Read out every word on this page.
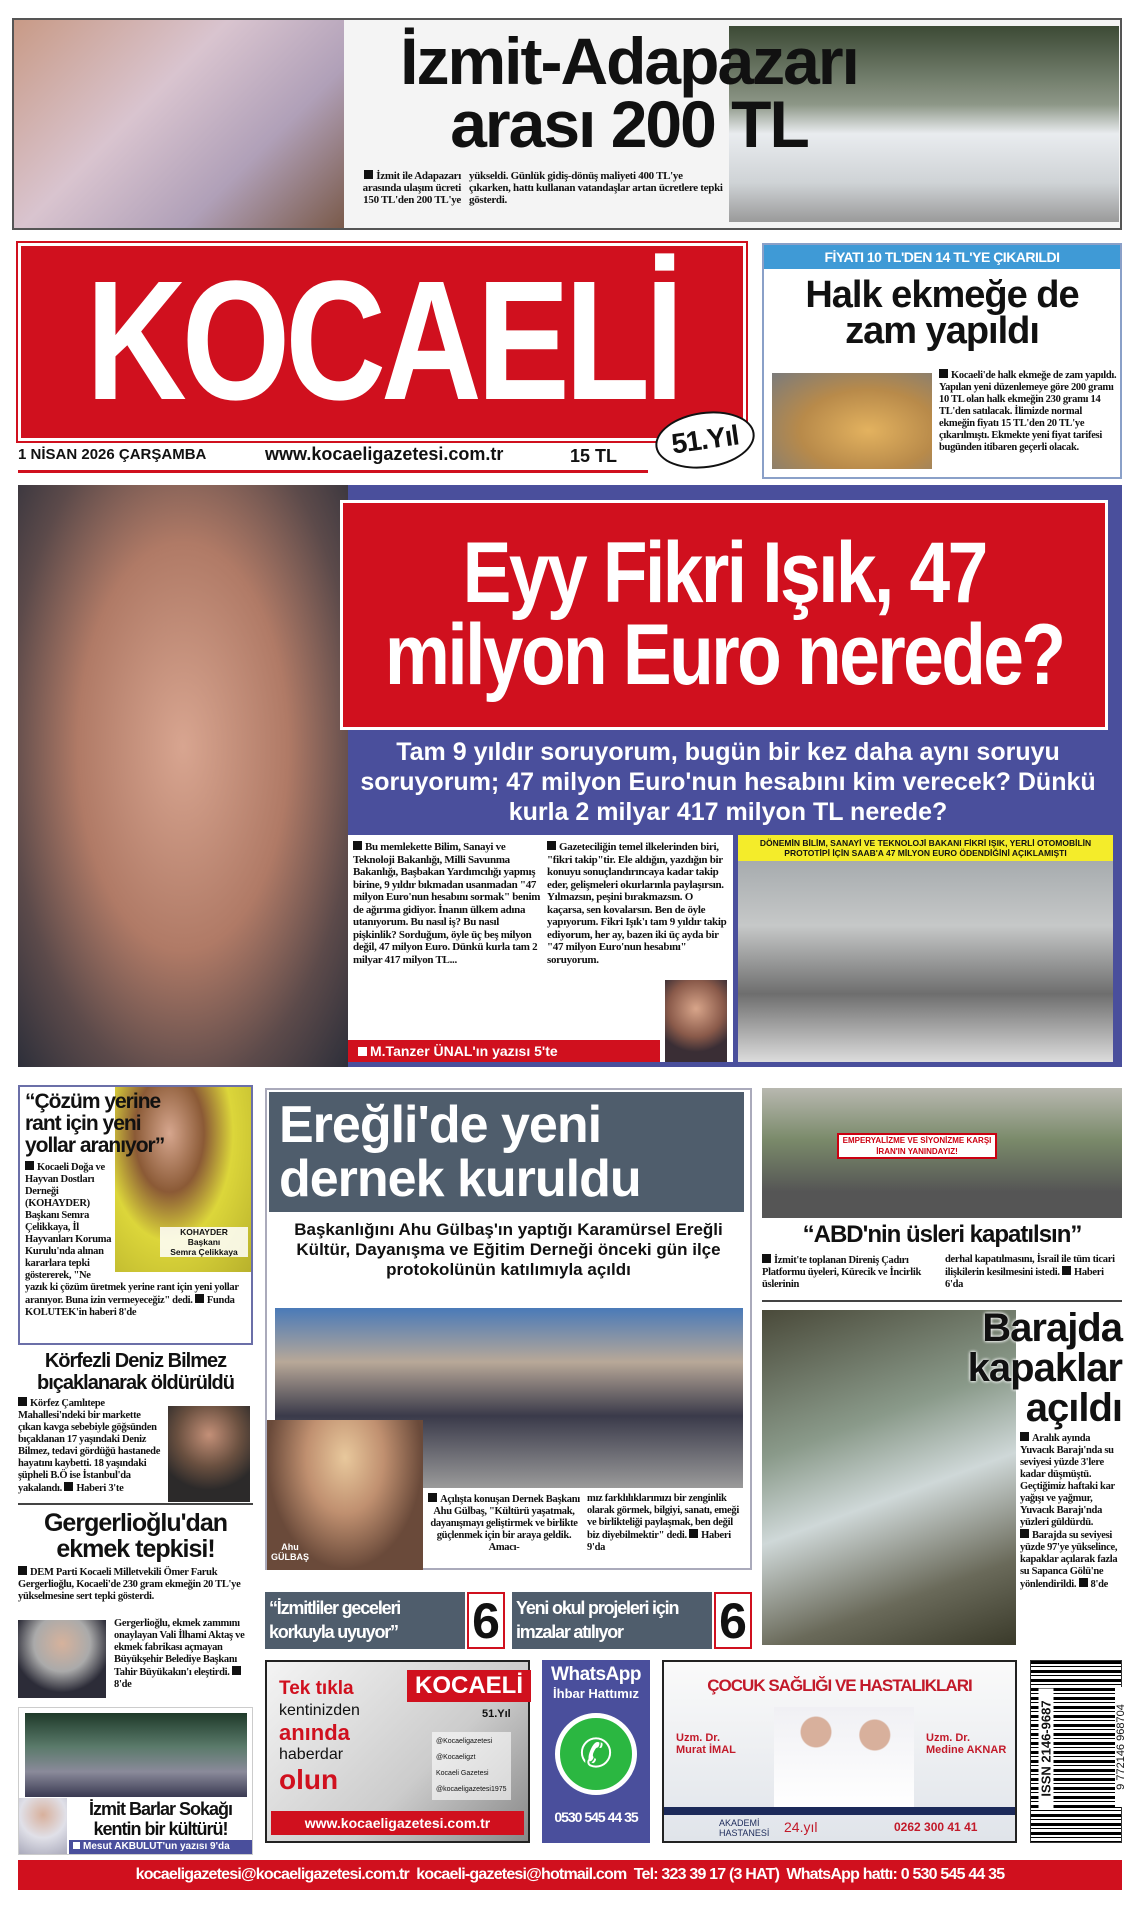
İzmit-Adapazarı
arası 200 TL
İzmit ile Adapazarı arasında ulaşım ücreti 150 TL'den 200 TL'ye
yükseldi. Günlük gidiş-dönüş maliyeti 400 TL'ye çıkarken, hattı kullanan vatandaşlar artan ücretlere tepki gösterdi.
KOCAELİ
1 NİSAN 2026 ÇARŞAMBA	www.kocaeligazetesi.com.tr	15 TL 51.Yıl
FİYATI 10 TL'DEN 14 TL'YE ÇIKARILDI
Halk ekmeğe de
zam yapıldı
Kocaeli'de halk ekmeğe de zam yapıldı. Yapılan yeni düzenlemeye göre 200 gramı 10 TL olan halk ekmeğin 230 gramı 14 TL'den satılacak. İlimizde normal ekmeğin fiyatı 15 TL'den 20 TL'ye çıkarılmıştı. Ekmekte yeni fiyat tarifesi bugünden itibaren geçerli olacak.
Eyy Fikri Işık, 47
milyon Euro nerede?
Tam 9 yıldır soruyorum, bugün bir kez daha aynı soruyu soruyorum; 47 milyon Euro'nun hesabını kim verecek? Dünkü kurla 2 milyar 417 milyon TL nerede?
Bu memlekette Bilim, Sanayi ve Teknoloji Bakanlığı, Milli Savunma Bakanlığı, Başbakan Yardımcılığı yapmış birine, 9 yıldır bıkmadan usanmadan "47 milyon Euro'nun hesabını sormak" benim de ağırıma gidiyor. İnanın ülkem adına utanıyorum. Bu nasıl iş? Bu nasıl pişkinlik? Sorduğum, öyle üç beş milyon değil, 47 milyon Euro. Dünkü kurla tam 2 milyar 417 milyon TL...
Gazeteciliğin temel ilkelerinden biri, "fikri takip"tir. Ele aldığın, yazdığın bir konuyu sonuçlandırıncaya kadar takip eder, gelişmeleri okurlarınla paylaşırsın. Yılmazsın, peşini bırakmazsın. O kaçarsa, sen kovalarsın. Ben de öyle yapıyorum. Fikri Işık'ı tam 9 yıldır takip ediyorum, her ay, bazen iki üç ayda bir "47 milyon Euro'nun hesabını" soruyorum.
M.Tanzer ÜNAL'ın yazısı 5'te
DÖNEMİN BİLİM, SANAYİ VE TEKNOLOJİ BAKANI FİKRİ IŞIK, YERLİ OTOMOBİLİN PROTOTİPİ İÇİN SAAB'A 47 MİLYON EURO ÖDENDİĞİNİ AÇIKLAMIŞTI
“Çözüm yerine rant için yeni yollar aranıyor”
KOHAYDER
Başkanı
Semra Çelikkaya
Kocaeli Doğa ve Hayvan Dostları Derneği (KOHAYDER) Başkanı Semra Çelikkaya, İl Hayvanları Koruma Kurulu'nda alınan kararlara tepki göstererek, "Ne yazık ki çözüm üretmek yerine rant için yeni yollar aranıyor. Buna izin vermeyeceğiz" dedi. Funda KOLUTEK'in haberi 8'de
Körfezli Deniz Bilmez bıçaklanarak öldürüldü
Körfez Çamlıtepe Mahallesi'ndeki bir markette çıkan kavga sebebiyle göğsünden bıçaklanan 17 yaşındaki Deniz Bilmez, tedavi gördüğü hastanede hayatını kaybetti. 18 yaşındaki şüpheli B.Ö ise İstanbul'da yakalandı. Haberi 3'te
Gergerlioğlu'dan ekmek tepkisi!
DEM Parti Kocaeli Milletvekili Ömer Faruk Gergerlioğlu, Kocaeli'de 230 gram ekmeğin 20 TL'ye yükselmesine sert tepki gösterdi.
Gergerlioğlu, ekmek zammını onaylayan Vali İlhami Aktaş ve ekmek fabrikası açmayan Büyükşehir Belediye Başkanı Tahir Büyükakın'ı eleştirdi. 8'de
İzmit Barlar Sokağı kentin bir kültürü!
Mesut AKBULUT'un yazısı 9'da
Ereğli'de yeni dernek kuruldu
Başkanlığını Ahu Gülbaş'ın yaptığı Karamürsel Ereğli Kültür, Dayanışma ve Eğitim Derneği önceki gün ilçe protokolünün katılımıyla açıldı
Ahu
GÜLBAŞ
Açılışta konuşan Dernek Başkanı Ahu Gülbaş, "Kültürü yaşatmak, dayanışmayı geliştirmek ve birlikte güçlenmek için bir araya geldik. Amacı-
mız farklılıklarımızı bir zenginlik olarak görmek, bilgiyi, sanatı, emeği ve birlikteliği paylaşmak, ben değil biz diyebilmektir" dedi. Haberi 9'da
“İzmitliler geceleri korkuyla uyuyor”	6 Yeni okul projeleri için imzalar atılıyor	6
EMPERYALİZME VE SİYONİZME KARŞI
İRAN'IN YANINDAYIZ!
“ABD'nin üsleri kapatılsın”
İzmit'te toplanan Direniş Çadırı Platformu üyeleri, Kürecik ve İncirlik üslerinin
derhal kapatılmasını, İsrail ile tüm ticari ilişkilerin kesilmesini istedi. Haberi 6'da
Barajda kapaklar açıldı
Aralık ayında Yuvacık Barajı'nda su seviyesi yüzde 3'lere kadar düşmüştü. Geçtiğimiz haftaki kar yağışı ve yağmur, Yuvacık Barajı'nda yüzleri güldürdü.
Barajda su seviyesi yüzde 97'ye yükselince, kapaklar açılarak fazla su Sapanca Gölü'ne yönlendirildi. 8'de
Tek tıkla
kentinizden
anında
haberdar
olun
KOCAELİ
51.Yıl
@Kocaeligazetesi
@Kocaeligzt
Kocaeli Gazetesi
@kocaeligazetesi1975
www.kocaeligazetesi.com.tr
WhatsApp
İhbar Hattımız
✆
0530 545 44 35
ÇOCUK SAĞLIĞI VE HASTALIKLARI
Uzm. Dr.
Murat İMAL
Uzm. Dr.
Medine AKNAR
AKADEMİ
HASTANESİ 24.yıl	0262 300 41 41
ISSN 2146-9687	9 772146 968704
kocaeligazetesi@kocaeligazetesi.com.tr  kocaeli-gazetesi@hotmail.com  Tel: 323 39 17 (3 HAT)  WhatsApp hattı: 0 530 545 44 35
